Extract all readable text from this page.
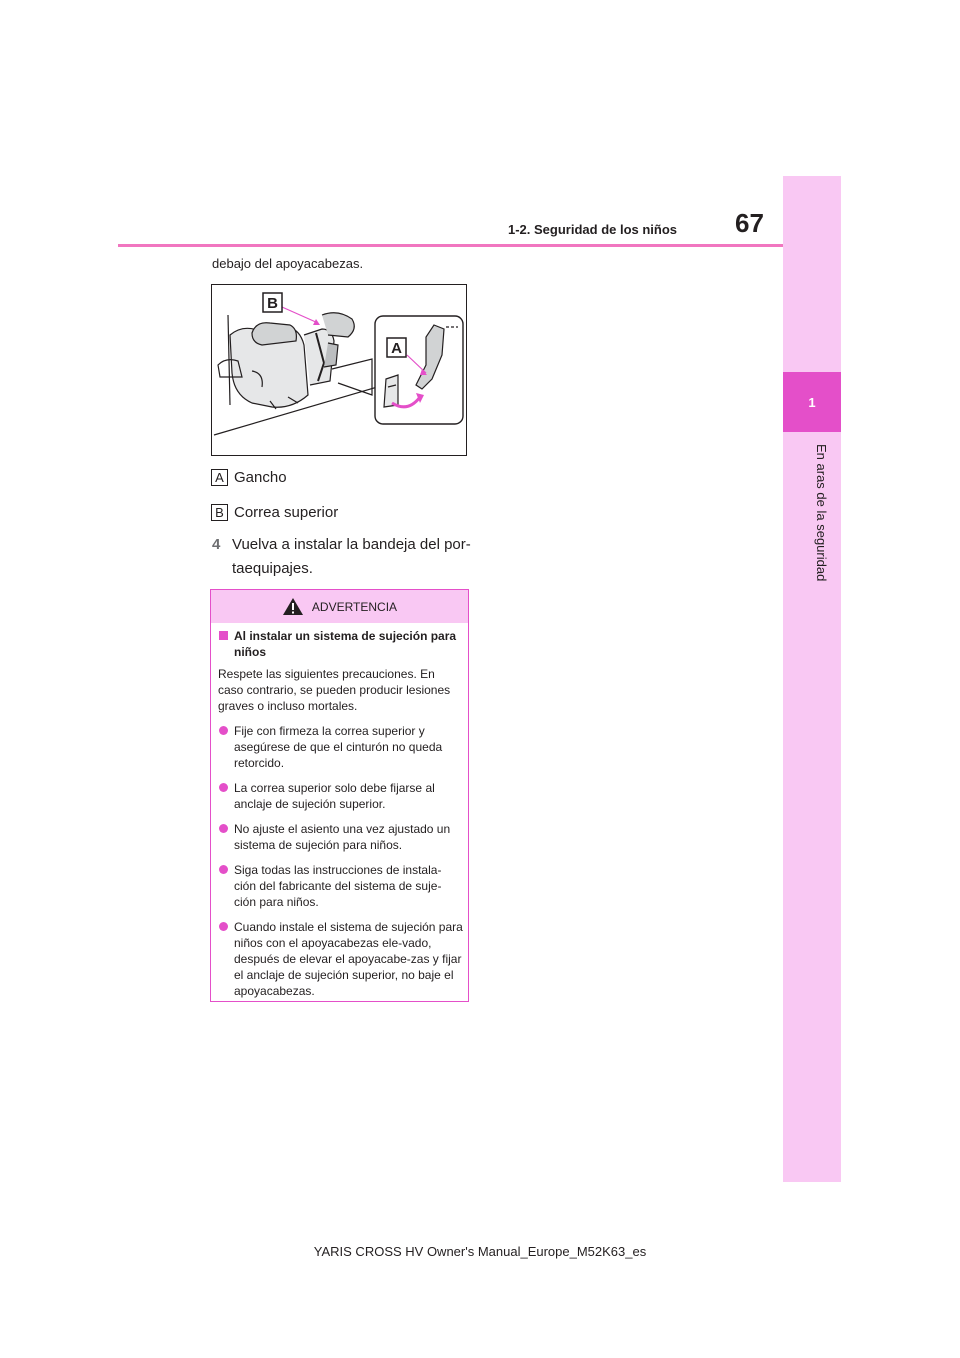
1
En aras de la seguridad
67
1-2. Seguridad de los niños
debajo del apoyacabezas.
B
A
A Gancho
B Correa superior
4 Vuelva a instalar la bandeja del por-taequipajes.
ADVERTENCIA
Al instalar un sistema de sujeción para niños
Respete las siguientes precauciones. En caso contrario, se pueden producir lesiones graves o incluso mortales.
Fije con firmeza la correa superior y asegúrese de que el cinturón no queda retorcido.
La correa superior solo debe fijarse al anclaje de sujeción superior.
No ajuste el asiento una vez ajustado un sistema de sujeción para niños.
Siga todas las instrucciones de instala-ción del fabricante del sistema de suje-ción para niños.
Cuando instale el sistema de sujeción para niños con el apoyacabezas ele-vado, después de elevar el apoyacabe-zas y fijar el anclaje de sujeción superior, no baje el apoyacabezas.
YARIS CROSS HV Owner's Manual_Europe_M52K63_es
